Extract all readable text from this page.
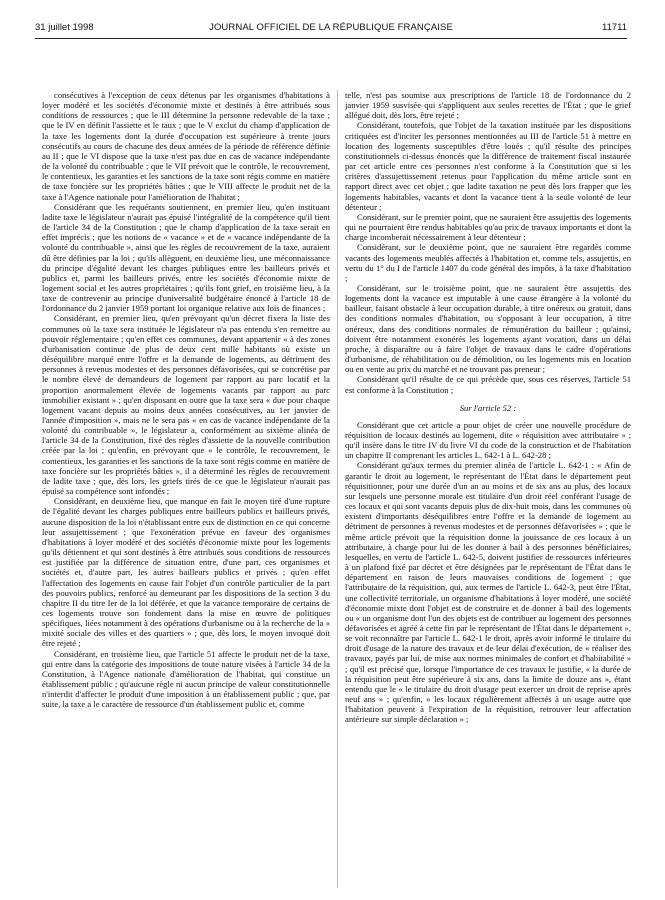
31 juillet 1998	JOURNAL OFFICIEL DE LA RÉPUBLIQUE FRANÇAISE	11711

consécutives à l'exception de ceux détenus par les organismes d'habitations à loyer modéré et les sociétés d'économie mixte et destinés à être attribués sous conditions de ressources ; que le III détermine la personne redevable de la taxe ; que le IV en définit l'assiette et le taux ; que le V exclut du champ d'application de la taxe les logements dont la durée d'occupation est supérieure à trente jours consécutifs au cours de chacune des deux années de la période de référence définie au II ; que le VI dispose que la taxe n'est pas due en cas de vacance indépendante de la volonté du contribuable ; que le VII prévoit que le contrôle, le recouvrement, le contentieux, les garanties et les sanctions de la taxe sont régis comme en matière de taxe foncière sur les propriétés bâties ; que le VIII affecte le produit net de la taxe à l'Agence nationale pour l'amélioration de l'habitat ;

Considérant que les requérants soutiennent, en premier lieu, qu'en instituant ladite taxe le législateur n'aurait pas épuisé l'intégralité de la compétence qu'il tient de l'article 34 de la Constitution ; que le champ d'application de la taxe serait en effet imprécis ; que les notions de « vacance » et de « vacance indépendante de la volonté du contribuable », ainsi que les règles de recouvrement de la taxe, auraient dû être définies par la loi ; qu'ils allèguent, en deuxième lieu, une méconnaissance du principe d'égalité devant les charges publiques entre les bailleurs privés et publics et, parmi les bailleurs privés, entre les sociétés d'économie mixte de logement social et les autres propriétaires ; qu'ils font grief, en troisième lieu, à la taxe de contrevenir au principe d'universalité budgétaire énoncé à l'article 18 de l'ordonnance du 2 janvier 1959 portant loi organique relative aux lois de finances ;

Considérant, en premier lieu, qu'en prévoyant qu'un décret fixera la liste des communes où la taxe sera instituée le législateur n'a pas entendu s'en remettre au pouvoir réglementaire ; qu'en effet ces communes, devant appartenir « à des zones d'urbanisation continue de plus de deux cent mille habitants où existe un déséquilibre marqué entre l'offre et la demande de logements, au détriment des personnes à revenus modestes et des personnes défavorisées, qui se concrétise par le nombre élevé de demandeurs de logement par rapport au parc locatif et la proportion anormalement élevée de logements vacants par rapport au parc immobilier existant » ; qu'en disposant en outre que la taxe sera « due pour chaque logement vacant depuis au moins deux années consécutives, au 1er janvier de l'année d'imposition », mais ne le sera pas « en cas de vacance indépendante de la volonté du contribuable », le législateur a, conformément au sixième alinéa de l'article 34 de la Constitution, fixé des règles d'assiette de la nouvelle contribution créée par la loi ; qu'enfin, en prévoyant que « le contrôle, le recouvrement, le contentieux, les garanties et les sanctions de la taxe sont régis comme en matière de taxe foncière sur les propriétés bâties », il a déterminé les règles de recouvrement de ladite taxe ; que, dès lors, les griefs tirés de ce que le législateur n'aurait pas épuisé sa compétence sont infondés ;

Considérant, en deuxième lieu, que manque en fait le moyen tiré d'une rupture de l'égalité devant les charges publiques entre bailleurs publics et bailleurs privés, aucune disposition de la loi n'établissant entre eux de distinction en ce qui concerne leur assujettissement ; que l'exonération prévue en faveur des organismes d'habitations à loyer modéré et des sociétés d'économie mixte pour les logements qu'ils détiennent et qui sont destinés à être attribués sous conditions de ressources est justifiée par la différence de situation entre, d'une part, ces organismes et sociétés et, d'autre part, les autres bailleurs publics et privés ; qu'en effet l'affectation des logements en cause fait l'objet d'un contrôle particulier de la part des pouvoirs publics, renforcé au demeurant par les dispositions de la section 3 du chapitre II du titre Ier de la loi déférée, et que la vacance temporaire de certains de ces logements trouve son fondement dans la mise en œuvre de politiques spécifiques, liées notamment à des opérations d'urbanisme ou à la recherche de la « mixité sociale des villes et des quartiers » ; que, dès lors, le moyen invoqué doit être rejeté ;

Considérant, en troisième lieu, que l'article 51 affecte le produit net de la taxe, qui entre dans la catégorie des impositions de toute nature visées à l'article 34 de la Constitution, à l'Agence nationale d'amélioration de l'habitat, qui constitue un établissement public ; qu'aucune règle ni aucun principe de valeur constitutionnelle n'interdit d'affecter le produit d'une imposition à un établissement public ; que, par suite, la taxe a le caractère de ressource d'un établissement public et, comme

telle, n'est pas soumise aux prescriptions de l'article 18 de l'ordonnance du 2 janvier 1959 susvisée qui s'appliquent aux seules recettes de l'État ; que le grief allégué doit, dès lors, être rejeté ;

Considérant, toutefois, que l'objet de la taxation instituée par les dispositions critiquées est d'inciter les personnes mentionnées au III de l'article 51 à mettre en location des logements susceptibles d'être loués ; qu'il résulte des principes constitutionnels ci-dessus énoncés que la différence de traitement fiscal instaurée par cet article entre ces personnes n'est conforme à la Constitution que si les critères d'assujettissement retenus pour l'application du même article sont en rapport direct avec cet objet ; que ladite taxation ne peut dès lors frapper que les logements habitables, vacants et dont la vacance tient à la seule volonté de leur détenteur ;

Considérant, sur le premier point, que ne sauraient être assujettis des logements qui ne pourraient être rendus habitables qu'au prix de travaux importants et dont la charge incomberait nécessairement à leur détenteur ;

Considérant, sur le deuxième point, que ne sauraient être regardés comme vacants des logements meublés affectés à l'habitation et, comme tels, assujettis, en vertu du 1° du I de l'article 1407 du code général des impôts, à la taxe d'habitation ;

Considérant, sur le troisième point, que ne sauraient être assujettis des logements dont la vacance est imputable à une cause étrangère à la volonté du bailleur, faisant obstacle à leur occupation durable, à titre onéreux ou gratuit, dans des conditions normales d'habitation, ou s'opposant à leur occupation, à titre onéreux, dans des conditions normales de rémunération du bailleur ; qu'ainsi, doivent être notamment exonérés les logements ayant vocation, dans un délai proche, à disparaître ou à faire l'objet de travaux dans le cadre d'opérations d'urbanisme, de réhabilitation ou de démolition, ou les logements mis en location ou en vente au prix du marché et ne trouvant pas preneur ;

Considérant qu'il résulte de ce qui précède que, sous ces réserves, l'article 51 est conforme à la Constitution ;

Sur l'article 52 :

Considérant que cet article a pour objet de créer une nouvelle procédure de réquisition de locaux destinés au logement, dite « réquisition avec attributaire » ; qu'il insère dans le titre IV du livre VI du code de la construction et de l'habitation un chapitre II comprenant les articles L. 642-1 à L. 642-28 ;

Considérant qu'aux termes du premier alinéa de l'article L. 642-1 : « Afin de garantir le droit au logement, le représentant de l'État dans le département peut réquisitionner, pour une durée d'un an au moins et de six ans au plus, des locaux sur lesquels une personne morale est titulaire d'un droit réel conférant l'usage de ces locaux et qui sont vacants depuis plus de dix-huit mois, dans les communes où existent d'importants déséquilibres entre l'offre et la demande de logement au détriment de personnes à revenus modestes et de personnes défavorisées » ; que le même article prévoit que la réquisition donne la jouissance de ces locaux à un attributaire, à charge pour lui de les donner à bail à des personnes bénéficiaires, lesquelles, en vertu de l'article L. 642-5, doivent justifier de ressources inférieures à un plafond fixé par décret et être désignées par le représentant de l'État dans le département en raison de leurs mauvaises conditions de logement ; que l'attributaire de la réquisition, qui, aux termes de l'article L. 642-3, peut être l'État, une collectivité territoriale, un organisme d'habitations à loyer modéré, une société d'économie mixte dont l'objet est de construire et de donner à bail des logements ou « un organisme dont l'un des objets est de contribuer au logement des personnes défavorisées et agréé à cette fin par le représentant de l'État dans le département », se voit reconnaître par l'article L. 642-1 le droit, après avoir informé le titulaire du droit d'usage de la nature des travaux et de leur délai d'exécution, de « réaliser des travaux, payés par lui, de mise aux normes minimales de confort et d'habitabilité » ; qu'il est précisé que, lorsque l'importance de ces travaux le justifie, « la durée de la réquisition peut être supérieure à six ans, dans la limite de douze ans », étant entendu que le « le titulaire du droit d'usage peut exercer un droit de reprise après neuf ans » ; qu'enfin, « les locaux régulièrement affectés à un usage autre que l'habitation peuvent à l'expiration de la réquisition, retrouver leur affectation antérieure sur simple déclaration » ;
